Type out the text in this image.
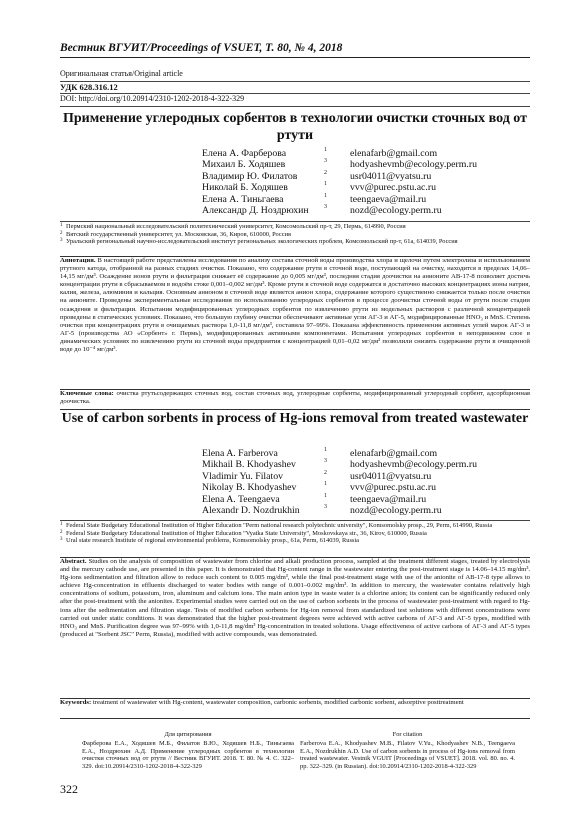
Вестник ВГУИТ/Proceedings of VSUET, Т. 80, № 4, 2018
Оригинальная статья/Original article
УДК 628.316.12
DOI: http://doi.org/10.20914/2310-1202-2018-4-322-329
Применение углеродных сорбентов в технологии очистки сточных вод от ртути
Елена А. Фарберова	1 elenafarb@gmail.com
Михаил Б. Ходяшев	3 hodyashevmb@ecology.perm.ru
Владимир Ю. Филатов	2 usr04011@vyatsu.ru
Николай Б. Ходяшев	1 vvv@purec.pstu.ac.ru
Елена А. Тиньгаева	1 teengaeva@mail.ru
Александр Д. Ноздрюхин	3 nozd@ecology.perm.ru
1 Пермский национальный исследовательский политехнический университет, Комсомольский пр-т, 29, Пермь, 614990, Россия
2 Вятский государственный университет, ул. Московская, 36, Киров, 610000, Россия
3 Уральский региональный научно-исследовательский институт региональных экологических проблем, Комсомольский пр-т, 61а, 614039, Россия
Аннотация. В настоящей работе представлены исследования по анализу состава сточной воды производства хлора и щелочи путем электролиза и использованием ртутного катода, отобранной на разных стадиях очистки. Показано, что содержание ртути в сточной воде, поступающей на очистку, находится в пределах 14,06–14,15 мг/дм³. Осаждение ионов ртути и фильтрация снижает её содержание до 0,005 мг/дм³, последняя стадия доочистки на анионите АВ-17-8 позволяет достичь концентрации ртути в сбрасываемом в водоём стоке 0,001–0,002 мг/дм³. Кроме ртути в сточной воде содержатся в достаточно высоких концентрациях ионы натрия, калия, железа, алюминия и кальция. Основным анионом в сточной воде является анион хлора, содержание которого существенно снижается только после очистки на анионите. Проведены экспериментальные исследования по использованию углеродных сорбентов в процессе доочистки сточной воды от ртути после стадии осаждения и фильтрации. Испытания модифицированных углеродных сорбентов по извлечению ртути из модельных растворов с различной концентрацией проведены в статических условиях. Показано, что большую глубину очистки обеспечивают активные угли АГ-3 и АГ-5, модифицированные HNO₃ и MnS. Степень очистки при концентрациях ртути в очищаемых раствора 1,0-11,8 мг/дм³, составила 97–99%. Показана эффективность применения активных углей марок АГ-3 и АГ-5 (производства АО «Сорбент» г. Пермь), модифицированных активными компонентами. Испытания углеродных сорбентов в неподвижном слое в динамических условиях по извлечению ртути из сточной воды предприятия с концентрацией 0,01–0,02 мг/дм³ позволили снизить содержание ртути в очищенной воде до 10⁻⁴ мг/дм³.
Ключевые слова: очистка ртутьсодержащих сточных вод, состав сточных вод, углеродные сорбенты, модифицированный углеродный сорбент, адсорбционная доочистка.
Use of carbon sorbents in process of Hg-ions removal from treated wastewater
Elena A. Farberova	1 elenafarb@gmail.com
Mikhail B. Khodyashev	3 hodyashevmb@ecology.perm.ru
Vladimir Yu. Filatov	2 usr04011@vyatsu.ru
Nikolay B. Khodyashev	1 vvv@purec.pstu.ac.ru
Elena A. Teengaeva	1 teengaeva@mail.ru
Alexandr D. Nozdrukhin	3 nozd@ecology.perm.ru
1 Federal State Budgetary Educational Institution of Higher Education "Perm national research polytechnic university", Komsomolsky prosp., 29, Perm, 614990, Russia
2 Federal State Budgetary Educational Institution of Higher Education "Vyatka State University", Moskovskaya str., 36, Kirov, 610000, Russia
3 Ural state research Institute of regional environmental problems, Komsomolsky prosp., 61a, Perm, 614039, Russia
Abstract. Studies on the analysis of composition of wastewater from chlorine and alkali production process, sampled at the treatment different stages, treated by electrolysis and the mercury cathode use, are presented in this paper. It is demonstrated that Hg-content range in the wastewater entering the post-treatment stage is 14.06–14.15 mg/dm³. Hg-ions sedimentation and filtration allow to reduce such content to 0.005 mg/dm³, while the final post-treatment stage with use of the anionite of AB-17-8 type allows to achieve Hg-concentration in effluents discharged to water bodies with range of 0.001–0.002 mg/dm³. In addition to mercury, the wastewater contains relatively high concentrations of sodium, potassium, iron, aluminum and calcium ions. The main anion type in waste water is a chlorine anion; its content can be significantly reduced only after the post-treatment with the anionites. Experimental studies were carried out on the use of carbon sorbents in the process of wastewater post-treatment with regard to Hg-ions after the sedimentation and filtration stage. Tests of modified carbon sorbents for Hg-ion removal from standardized test solutions with different concentrations were carried out under static conditions. It was demonstrated that the higher post-treatment degrees were achieved with active carbons of АГ-3 and АГ-5 types, modified with HNO₃ and MnS. Purification degree was 97–99% with 1,0-11,8 mg/dm³ Hg-concentration in treated solutions. Usage effectiveness of active carbons of АГ-3 and АГ-5 types (produced at "Sorbent JSC" Perm, Russia), modified with active compounds, was demonstrated.
Keywords: treatment of wastewater with Hg-content, wastewater composition, carbonic sorbents, modified carbonic sorbent, adsorptive posttreatment
Для цитирования
Фарберова Е.А., Ходяшев М.Б., Филатов В.Ю., Ходяшев Н.Б., Тиньгаева Е.А., Ноздрюхин А.Д. Применение углеродных сорбентов в технологии очистки сточных вод от ртути // Вестник ВГУИТ. 2018. Т. 80. № 4. С. 322–329. doi:10.20914/2310-1202-2018-4-322-329
For citation
Farberova E.A., Khodyashev M.B., Filatov V.Yu., Khodyashev N.B., Teengaeva E.A., Nozdrukhin A.D. Use of carbon sorbents in process of Hg-ions removal from treated wastewater. Vestnik VGUIT [Proceedings of VSUET]. 2018. vol. 80. no. 4. pp. 322–329. (in Russian). doi:10.20914/2310-1202-2018-4-322-329
322
